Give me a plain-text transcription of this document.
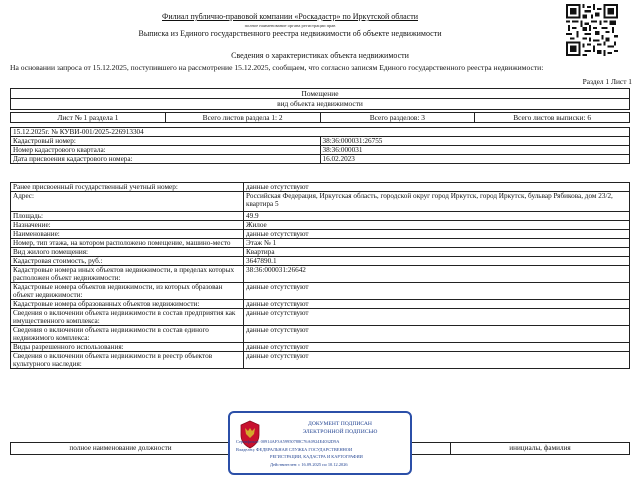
Филиал публично-правовой компании «Роскадастр» по Иркутской области
полное наименование органа регистрации прав
Выписка из Единого государственного реестра недвижимости об объекте недвижимости
Сведения о характеристиках объекта недвижимости
На основании запроса от 15.12.2025, поступившего на рассмотрение 15.12.2025, сообщаем, что согласно записям Единого государственного реестра недвижимости:
Раздел 1 Лист 1
Помещение
вид объекта недвижимости
Лист № 1 раздела 1	Всего листов раздела 1: 2	Всего разделов: 3	Всего листов выписки: 6
15.12.2025г. № КУВИ-001/2025-226913304	
Кадастровый номер:	38:36:000031:26755
Номер кадастрового квартала:	38:36:000031
Дата присвоения кадастрового номера:	16.02.2023
Ранее присвоенный государственный учетный номер:	данные отсутствуют
Адрес:	Российская Федерация, Иркутская область, городской округ город Иркутск, город Иркутск, бульвар Рябикова, дом 23/2, квартира 5
Площадь:	49.9
Назначение:	Жилое
Наименование:	данные отсутствуют
Номер, тип этажа, на котором расположено помещение, машино-место	Этаж № 1
Вид жилого помещения:	Квартира
Кадастровая стоимость, руб.:	3647890.1
Кадастровые номера иных объектов недвижимости, в пределах которых расположен объект недвижимости:	38:36:000031:26642
Кадастровые номера объектов недвижимости, из которых образован объект недвижимости:	данные отсутствуют
Кадастровые номера образованных объектов недвижимости:	данные отсутствуют
Сведения о включении объекта недвижимости в состав предприятия как имущественного комплекса:	данные отсутствуют
Сведения о включении объекта недвижимости в состав единого недвижимого комплекса:	данные отсутствуют
Виды разрешенного использования:	данные отсутствуют
Сведения о включении объекта недвижимости в реестр объектов культурного наследия:	данные отсутствуют
полное наименование должности	инициалы, фамилия
ДОКУМЕНТ ПОДПИСАН
ЭЛЕКТРОННОЙ ПОДПИСЬЮ
Сертификат: 00914AF3A59950788C76A0924E4032D9A
Владелец: ФЕДЕРАЛЬНАЯ СЛУЖБА ГОСУДАРСТВЕННОЙ
РЕГИСТРАЦИИ, КАДАСТРА И КАРТОГРАФИИ
Действителен: с 16.09.2025 по 10.12.2026
